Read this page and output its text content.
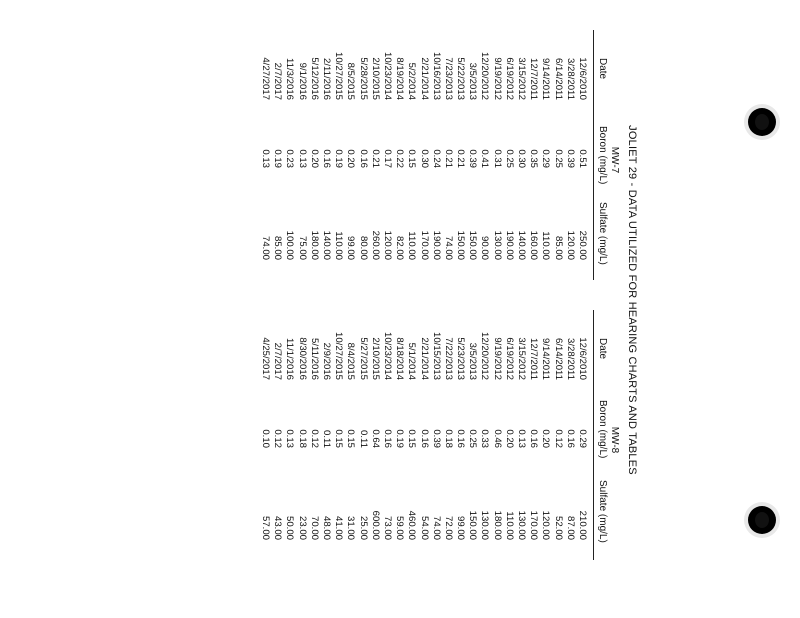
JOLIET 29 - DATA UTILIZED FOR HEARING CHARTS AND TABLES
MW-7
Date
Boron (mg/L)
Sulfate (mg/L)
12/6/2010
0.51
250.00
3/28/2011
0.39
120.00
6/14/2011
0.25
85.00
9/14/2011
0.29
110.00
12/7/2011
0.35
160.00
3/15/2012
0.30
140.00
6/19/2012
0.25
190.00
9/19/2012
0.31
130.00
12/20/2012
0.41
90.00
3/5/2013
0.39
150.00
5/22/2013
0.21
150.00
7/23/2013
0.21
74.00
10/16/2013
0.24
190.00
2/21/2014
0.30
170.00
5/2/2014
0.15
110.00
8/19/2014
0.22
82.00
10/23/2014
0.17
120.00
2/10/2015
0.21
260.00
5/28/2015
0.16
80.00
8/5/2015
0.20
99.00
10/27/2015
0.19
110.00
2/11/2016
0.16
140.00
5/12/2016
0.20
180.00
9/1/2016
0.13
75.00
11/3/2016
0.23
100.00
2/7/2017
0.19
85.00
4/27/2017
0.13
74.00
MW-8
Date
Boron (mg/L)
Sulfate (mg/L)
12/6/2010
0.29
210.00
3/28/2011
0.16
87.00
6/14/2011
0.12
52.00
9/14/2011
0.20
120.00
12/7/2011
0.16
170.00
3/15/2012
0.13
130.00
6/19/2012
0.20
110.00
9/19/2012
0.46
180.00
12/20/2012
0.33
130.00
3/5/2013
0.25
150.00
5/23/2013
0.16
99.00
7/22/2013
0.18
72.00
10/15/2013
0.39
74.00
2/21/2014
0.16
54.00
5/1/2014
0.15
460.00
8/18/2014
0.19
59.00
10/23/2014
0.16
73.00
2/10/2015
0.64
600.00
5/27/2015
0.11
25.00
8/4/2015
0.15
31.00
10/27/2015
0.15
41.00
2/9/2016
0.11
48.00
5/11/2016
0.12
70.00
8/30/2016
0.18
23.00
11/1/2016
0.13
50.00
2/7/2017
0.12
43.00
4/25/2017
0.10
57.00
